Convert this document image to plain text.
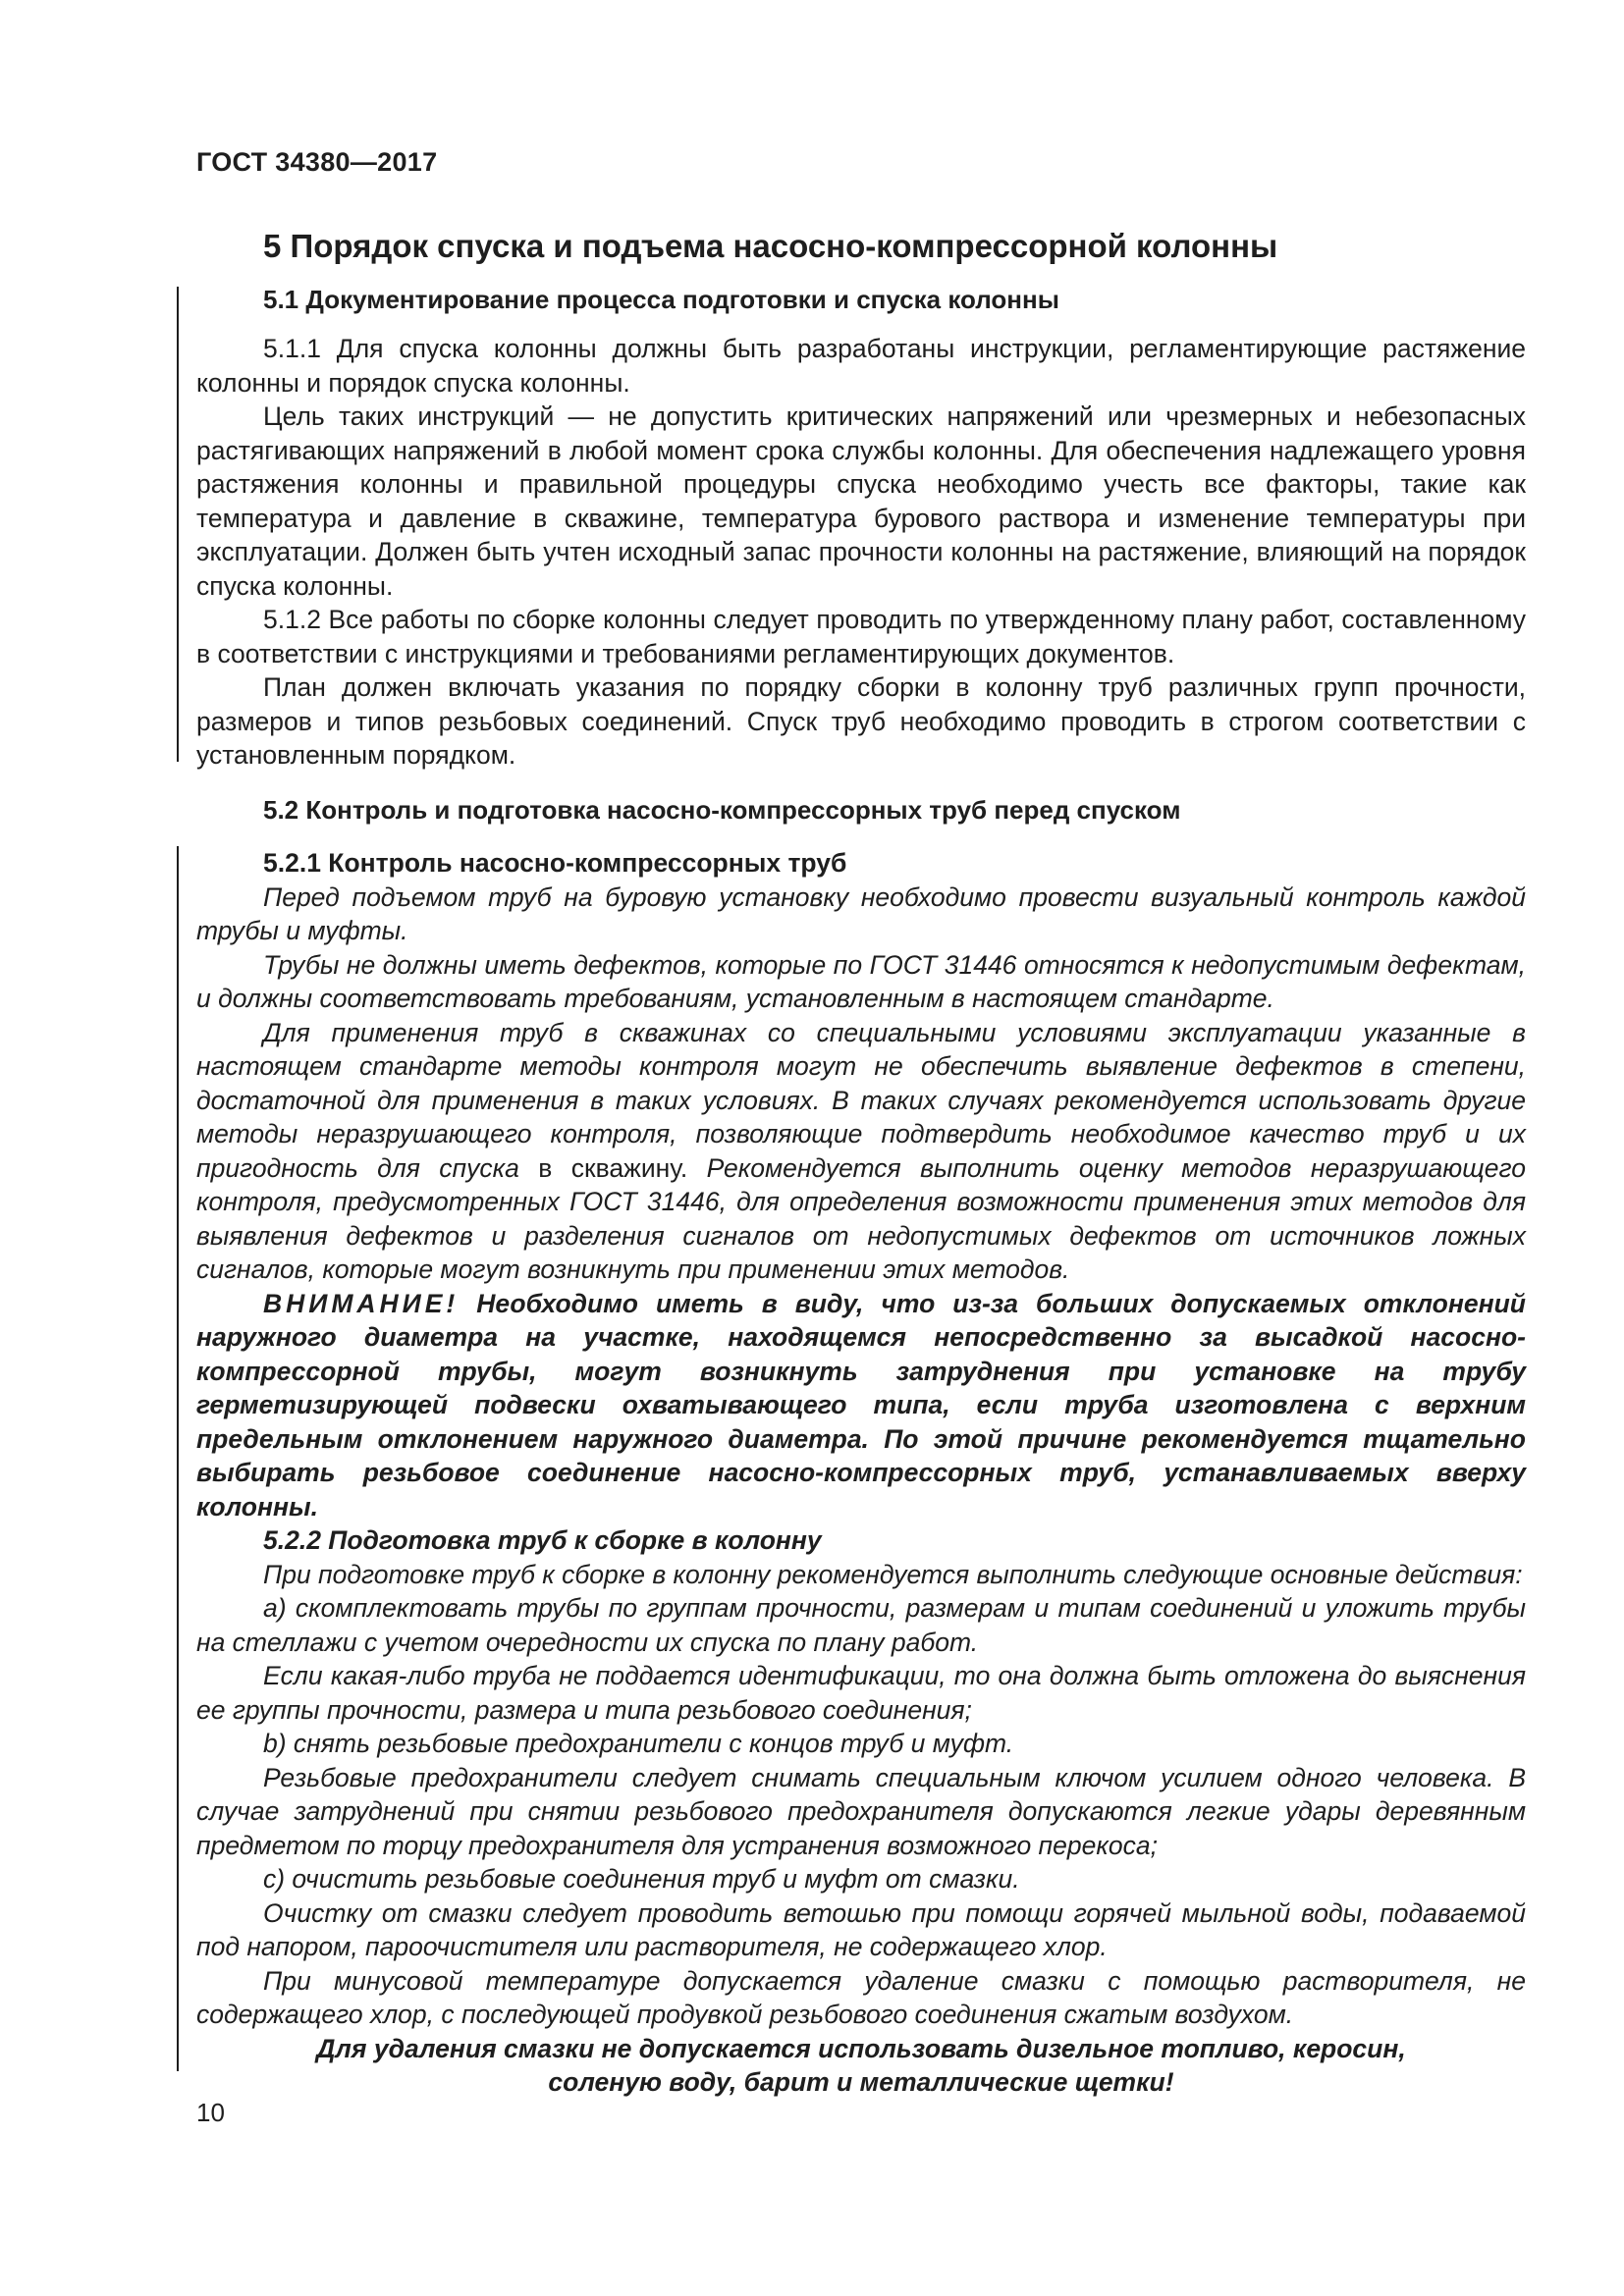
ГОСТ 34380—2017
5 Порядок спуска и подъема насосно-компрессорной колонны
5.1 Документирование процесса подготовки и спуска колонны

5.1.1 Для спуска колонны должны быть разработаны инструкции, регламентирующие растяжение колонны и порядок спуска колонны.

Цель таких инструкций — не допустить критических напряжений или чрезмерных и небезопасных растягивающих напряжений в любой момент срока службы колонны. Для обеспечения надлежащего уровня растяжения колонны и правильной процедуры спуска необходимо учесть все факторы, такие как температура и давление в скважине, температура бурового раствора и изменение температуры при эксплуатации. Должен быть учтен исходный запас прочности колонны на растяжение, влияющий на порядок спуска колонны.

5.1.2 Все работы по сборке колонны следует проводить по утвержденному плану работ, составленному в соответствии с инструкциями и требованиями регламентирующих документов.

План должен включать указания по порядку сборки в колонну труб различных групп прочности, размеров и типов резьбовых соединений. Спуск труб необходимо проводить в строгом соответствии с установленным порядком.

5.2 Контроль и подготовка насосно-компрессорных труб перед спуском

5.2.1 Контроль насосно-компрессорных труб

Перед подъемом труб на буровую установку необходимо провести визуальный контроль каждой трубы и муфты.

Трубы не должны иметь дефектов, которые по ГОСТ 31446 относятся к недопустимым дефектам, и должны соответствовать требованиям, установленным в настоящем стандарте.

Для применения труб в скважинах со специальными условиями эксплуатации указанные в настоящем стандарте методы контроля могут не обеспечить выявление дефектов в степени, достаточной для применения в таких условиях. В таких случаях рекомендуется использовать другие методы неразрушающего контроля, позволяющие подтвердить необходимое качество труб и их пригодность для спуска в скважину. Рекомендуется выполнить оценку методов неразрушающего контроля, предусмотренных ГОСТ 31446, для определения возможности применения этих методов для выявления дефектов и разделения сигналов от недопустимых дефектов от источников ложных сигналов, которые могут возникнуть при применении этих методов.

ВНИМАНИЕ! Необходимо иметь в виду, что из-за больших допускаемых отклонений наружного диаметра на участке, находящемся непосредственно за высадкой насосно-компрессорной трубы, могут возникнуть затруднения при установке на трубу герметизирующей подвески охватывающего типа, если труба изготовлена с верхним предельным отклонением наружного диаметра. По этой причине рекомендуется тщательно выбирать резьбовое соединение насосно-компрессорных труб, устанавливаемых вверху колонны.

5.2.2 Подготовка труб к сборке в колонну

При подготовке труб к сборке в колонну рекомендуется выполнить следующие основные действия:

а) скомплектовать трубы по группам прочности, размерам и типам соединений и уложить трубы на стеллажи с учетом очередности их спуска по плану работ.

Если какая-либо труба не поддается идентификации, то она должна быть отложена до выяснения ее группы прочности, размера и типа резьбового соединения;

b) снять резьбовые предохранители с концов труб и муфт.

Резьбовые предохранители следует снимать специальным ключом усилием одного человека. В случае затруднений при снятии резьбового предохранителя допускаются легкие удары деревянным предметом по торцу предохранителя для устранения возможного перекоса;

c) очистить резьбовые соединения труб и муфт от смазки.

Очистку от смазки следует проводить ветошью при помощи горячей мыльной воды, подаваемой под напором, пароочистителя или растворителя, не содержащего хлор.

При минусовой температуре допускается удаление смазки с помощью растворителя, не содержащего хлор, с последующей продувкой резьбового соединения сжатым воздухом.

Для удаления смазки не допускается использовать дизельное топливо, керосин,

соленую воду, барит и металлические щетки!

10
